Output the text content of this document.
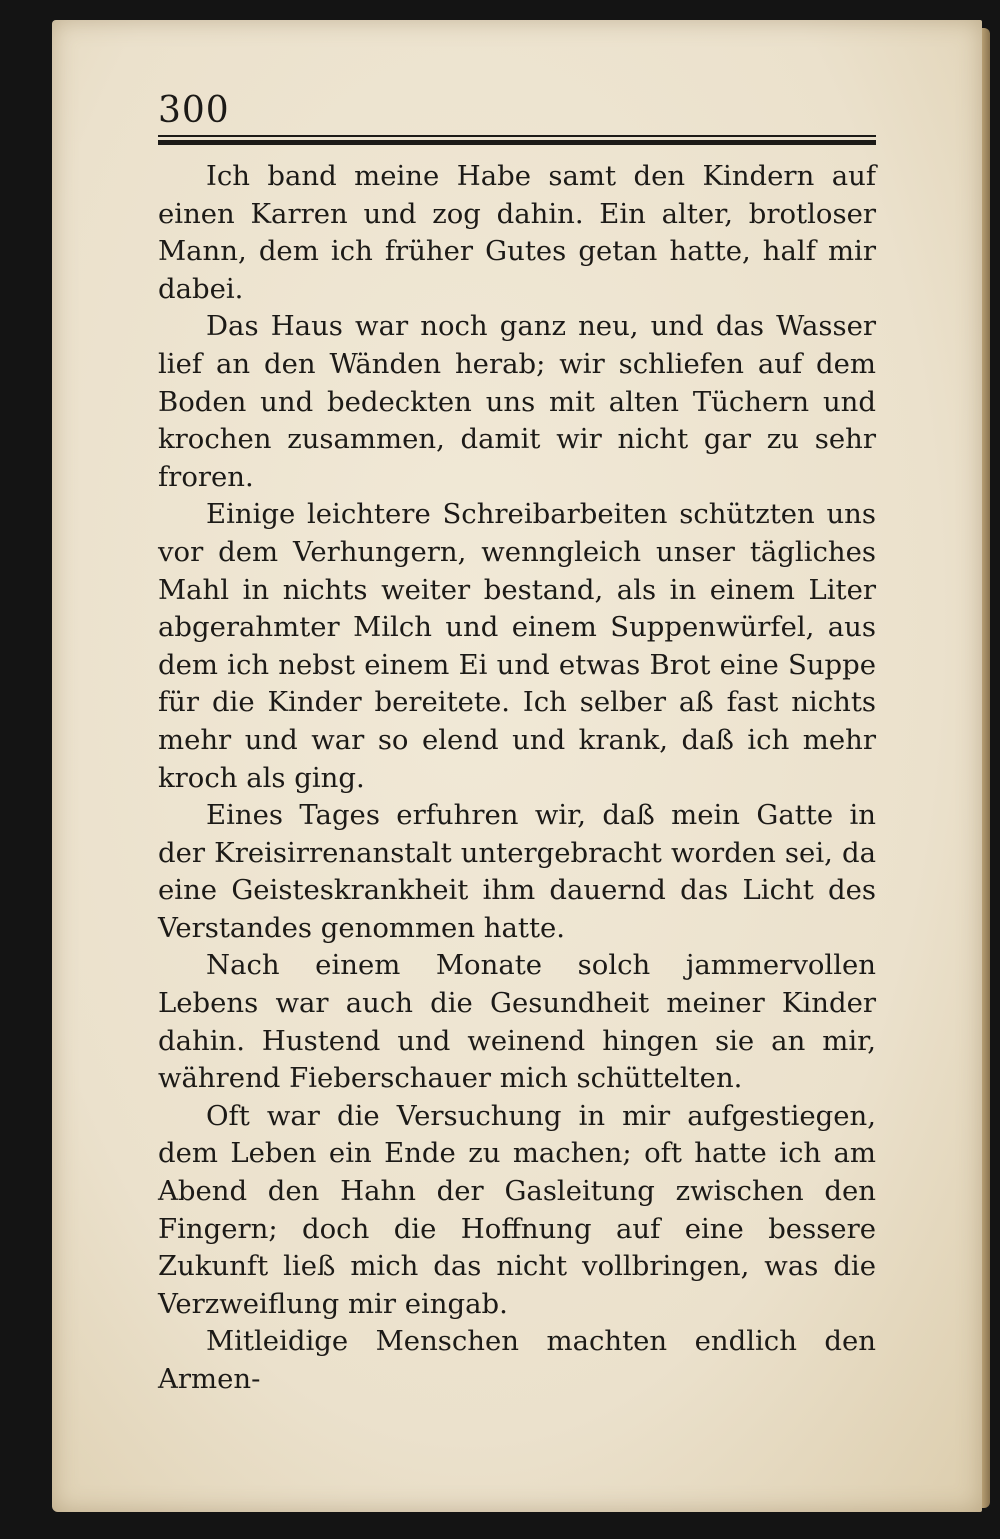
300

Ich band meine Habe samt den Kindern auf einen Karren und zog dahin. Ein alter, brotloser Mann, dem ich früher Gutes getan hatte, half mir dabei.

Das Haus war noch ganz neu, und das Wasser lief an den Wänden herab; wir schliefen auf dem Boden und bedeckten uns mit alten Tüchern und krochen zusammen, damit wir nicht gar zu sehr froren.

Einige leichtere Schreibarbeiten schützten uns vor dem Verhungern, wenngleich unser tägliches Mahl in nichts weiter bestand, als in einem Liter abgerahmter Milch und einem Suppenwürfel, aus dem ich nebst einem Ei und etwas Brot eine Suppe für die Kinder bereitete. Ich selber aß fast nichts mehr und war so elend und krank, daß ich mehr kroch als ging.

Eines Tages erfuhren wir, daß mein Gatte in der Kreisirrenanstalt untergebracht worden sei, da eine Geisteskrankheit ihm dauernd das Licht des Verstandes genommen hatte.

Nach einem Monate solch jammervollen Lebens war auch die Gesundheit meiner Kinder dahin. Hustend und weinend hingen sie an mir, während Fieberschauer mich schüttelten.

Oft war die Versuchung in mir aufgestiegen, dem Leben ein Ende zu machen; oft hatte ich am Abend den Hahn der Gasleitung zwischen den Fingern; doch die Hoffnung auf eine bessere Zukunft ließ mich das nicht vollbringen, was die Verzweiflung mir eingab.

Mitleidige Menschen machten endlich den Armen-
